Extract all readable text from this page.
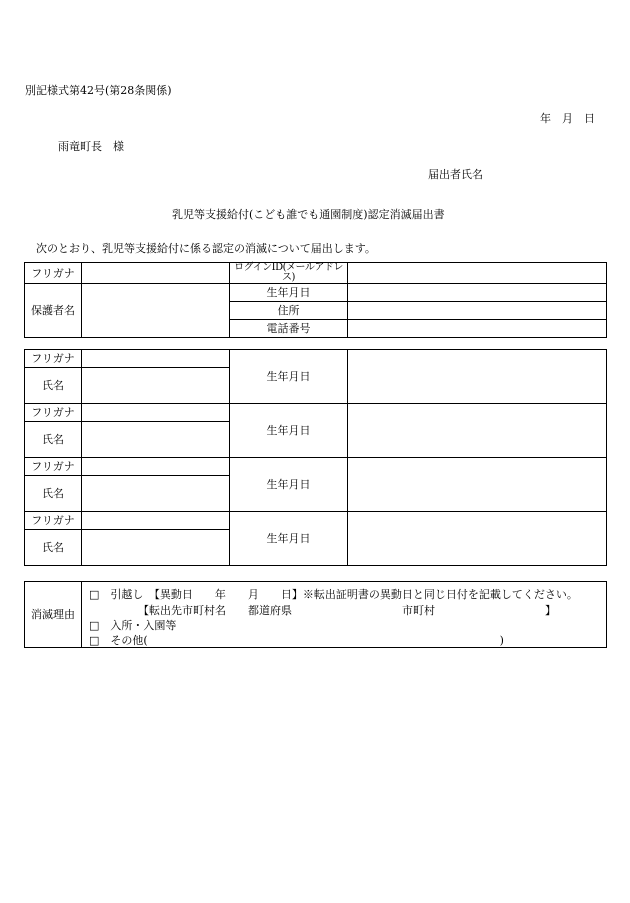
別記様式第42号(第28条関係)
年　月　日
雨竜町長　様
届出者氏名
乳児等支援給付(こども誰でも通園制度)認定消滅届出書
次のとおり、乳児等支援給付に係る認定の消滅について届出します。
フリガナ		ログインID(メールアドレス)	
保護者名		生年月日	
		住所	
		電話番号	
フリガナ		生年月日	
氏名			
フリガナ		生年月日	
氏名			
フリガナ		生年月日	
氏名			
フリガナ		生年月日	
氏名			
消滅理由	
□　引越し　【異動日　　年　　月　　日】※転出証明書の異動日と同じ日付を記載してください。
【転出先市町村名　　都道府県　　　　　　　　　　市町村　　　　　　　　　　】
□　入所・入園等
□　その他(　　　　　　　　　　　　　　　　　　　　　　　　　　　　　　　　)
